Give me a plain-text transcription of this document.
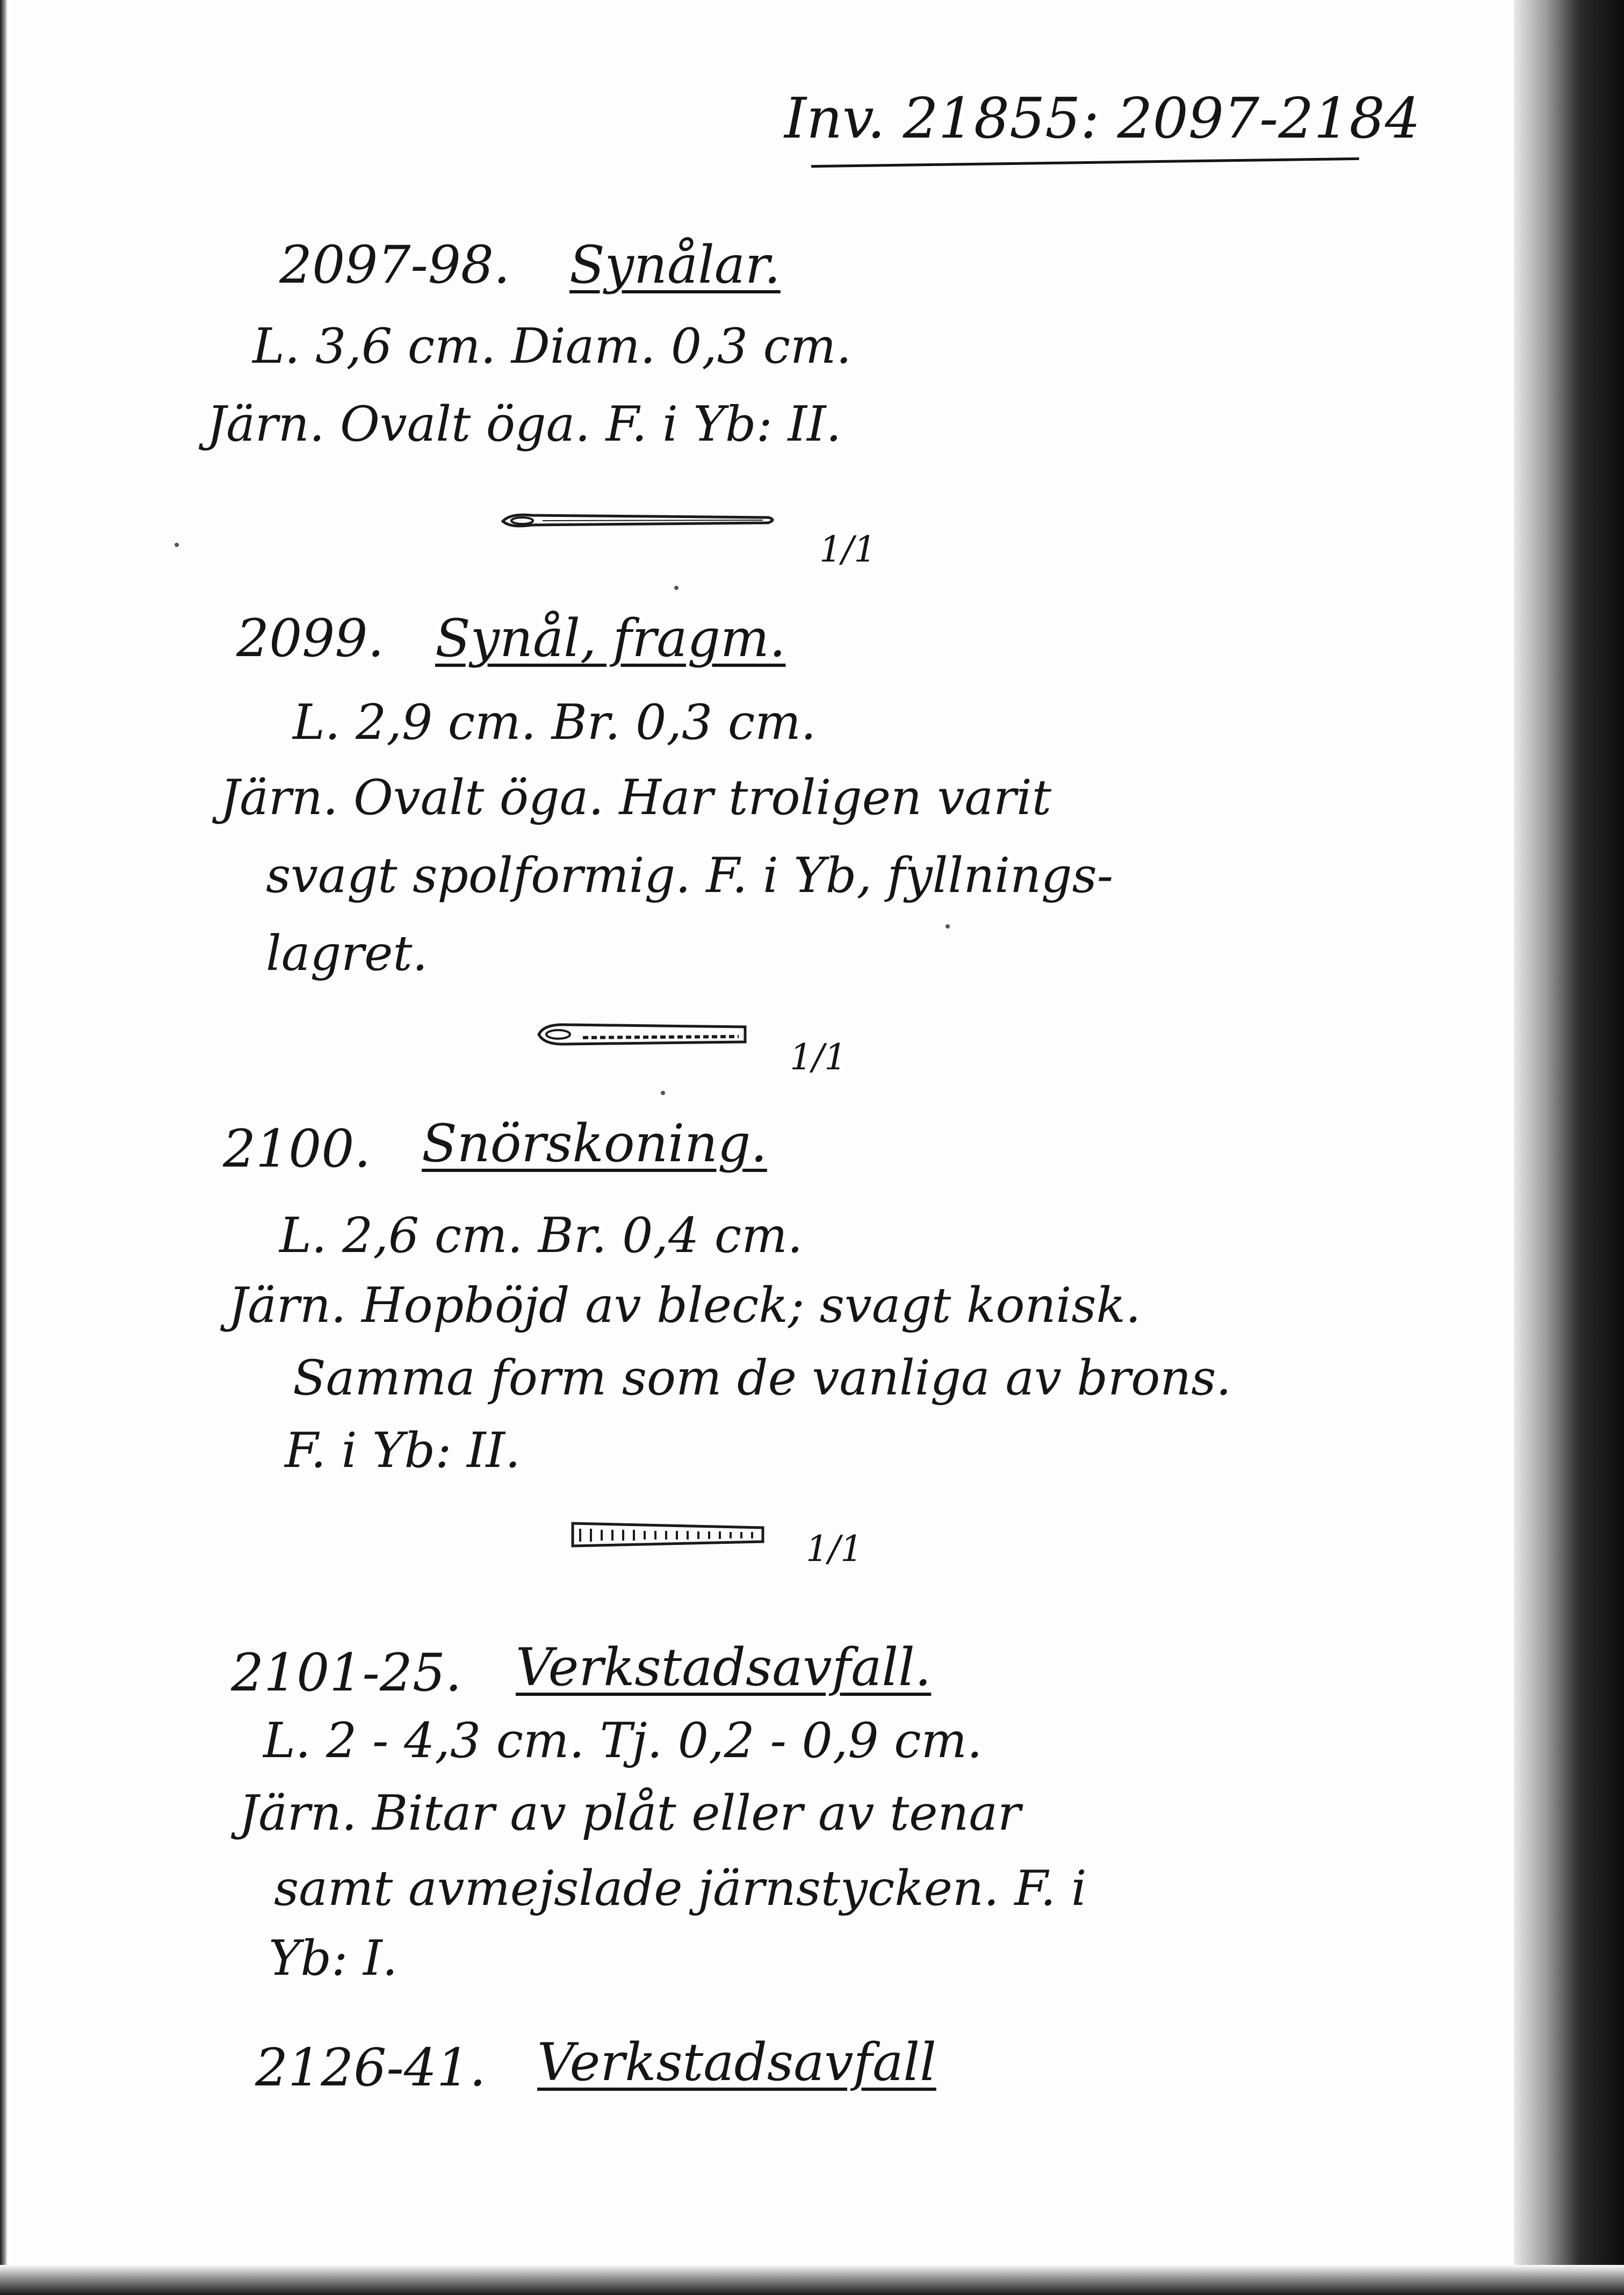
Inv. 21855: 2097-2184

2097-98. Synålar.

L. 3,6 cm. Diam. 0,3 cm.

Järn. Ovalt öga. F. i Yb: II.

1/1

2099. Synål, fragm.

L. 2,9 cm. Br. 0,3 cm.

Järn. Ovalt öga. Har troligen varit

svagt spolformig. F. i Yb, fyllnings-

lagret.

1/1

2100. Snörskoning.

L. 2,6 cm. Br. 0,4 cm.

Järn. Hopböjd av bleck; svagt konisk.

Samma form som de vanliga av brons.

F. i Yb: II.

1/1

2101-25. Verkstadsavfall.

L. 2 - 4,3 cm. Tj. 0,2 - 0,9 cm.

Järn. Bitar av plåt eller av tenar

samt avmejslade järnstycken. F. i

Yb: I.

2126-41. Verkstadsavfall
